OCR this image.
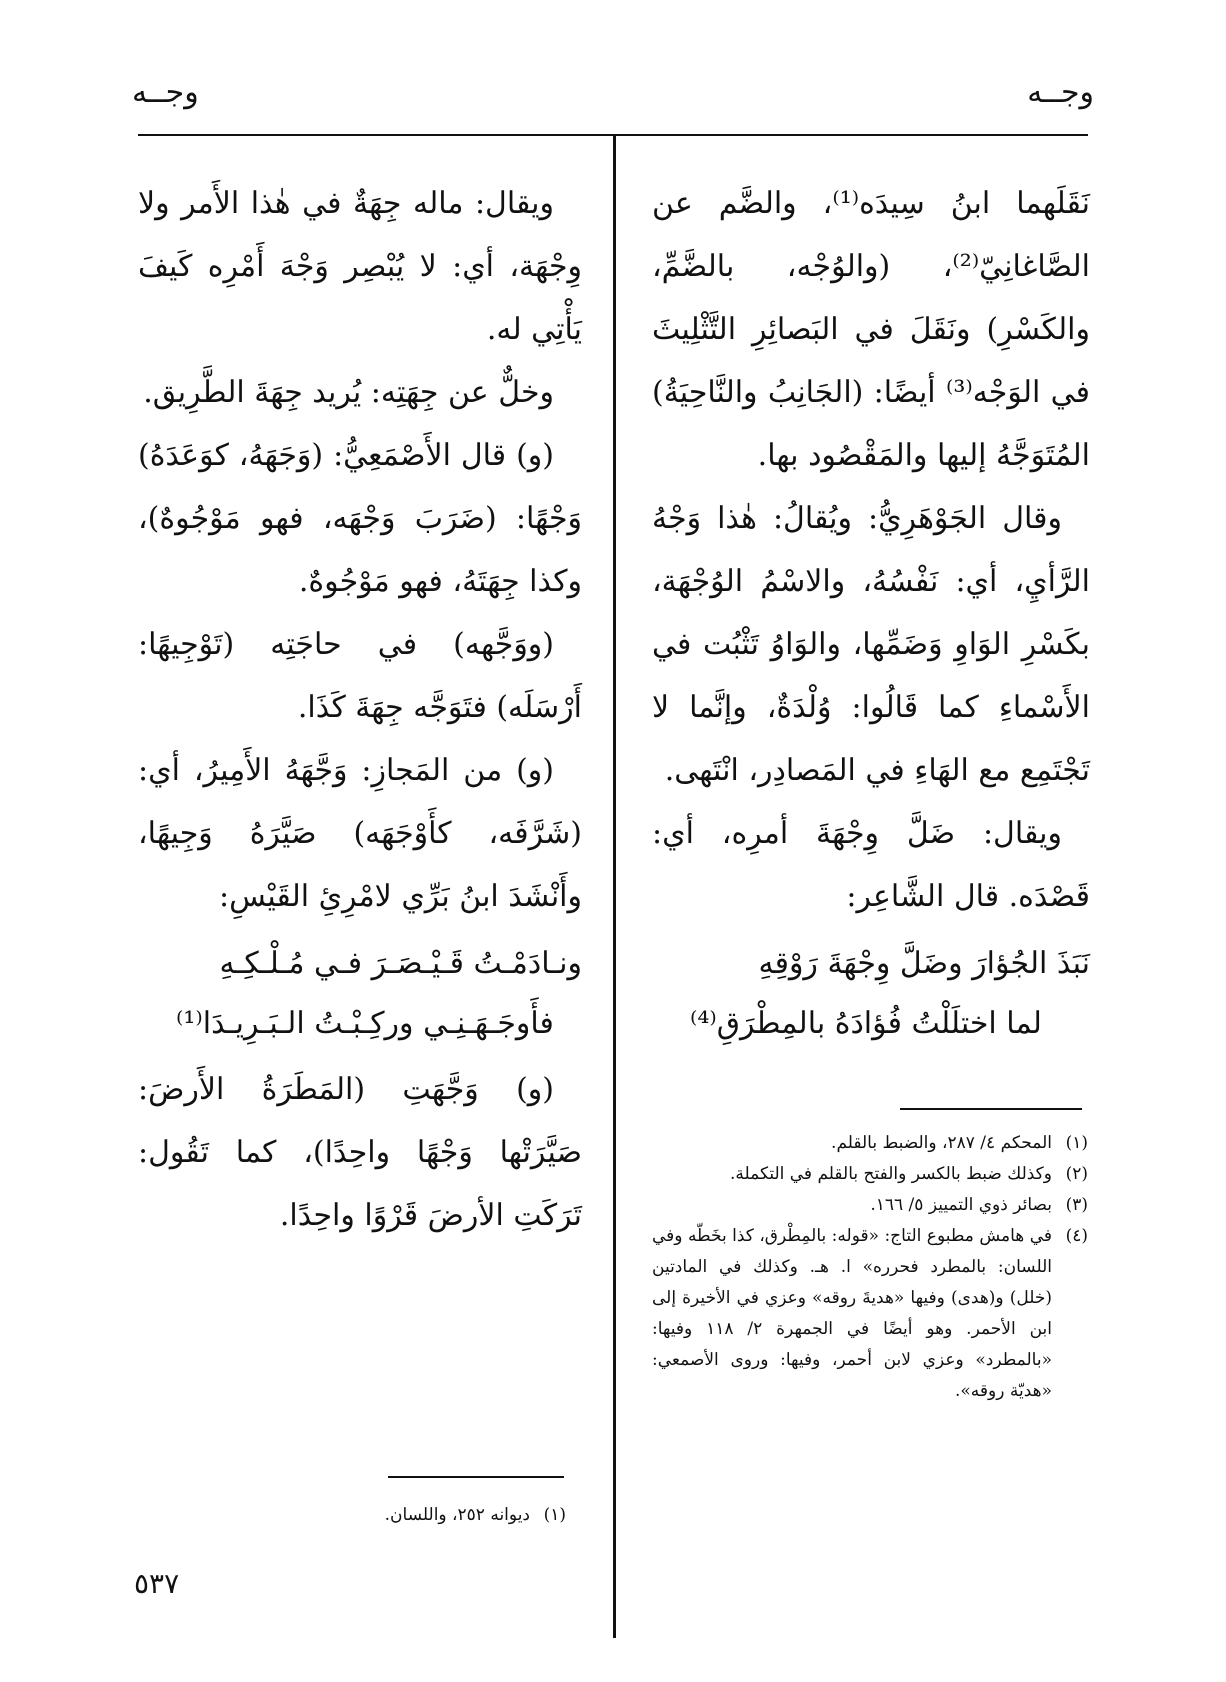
وجــه
وجــه

نَقَلَهما ابنُ سِيدَه⁽¹⁾، والضَّم عن الصَّاغانِيّ⁽²⁾، (والوُجْه، بالضَّمِّ، والكَسْرِ) ونَقَلَ في البَصائِرِ التَّثْلِيثَ في الوَجْه⁽³⁾ أيضًا: (الجَانِبُ والنَّاحِيَةُ) المُتَوَجَّهُ إليها والمَقْصُود بها.

وقال الجَوْهَرِيُّ: ويُقالُ: هٰذا وَجْهُ الرَّأيِ، أي: نَفْسُهُ، والاسْمُ الوُجْهَة، بكَسْرِ الوَاوِ وَضَمِّها، والوَاوُ تَثْبُت في الأَسْماءِ كما قَالُوا: وُلْدَةٌ، وإنَّما لا تَجْتَمِع مع الهَاءِ في المَصادِر، انْتَهى.

ويقال: ضَلَّ وِجْهَةَ أمرِه، أي: قَصْدَه. قال الشَّاعِر:

نَبَذَ الجُؤارَ وضَلَّ وِجْهَةَ رَوْقِهِ
لما اختلَلْتُ فُؤادَهُ بالمِطْرَقِ⁽⁴⁾
(١)
المحكم ٤/ ٢٨٧، والضبط بالقلم.
(٢)
وكذلك ضبط بالكسر والفتح بالقلم في التكملة.
(٣)
بصائر ذوي التمييز ٥/ ١٦٦.
(٤)
في هامش مطبوع التاج: «قوله: بالمِطْرق، كذا بخَطّه وفي اللسان: بالمطرد فحرره» ا. هـ. وكذلك في المادتين (خلل) و(هدى) وفيها «هديةَ روقه» وعزي في الأخيرة إلى ابن الأحمر. وهو أيضًا في الجمهرة ٢/ ١١٨ وفيها: «بالمطرد» وعزي لابن أحمر، وفيها: وروى الأصمعي: «هديّة روقه».

ويقال: ماله جِهَةٌ في هٰذا الأَمر ولا وِجْهَة، أي: لا يُبْصِر وَجْهَ أَمْرِه كَيفَ يَأْتِي له.

وخلٌّ عن جِهَتِه: يُريد جِهَةَ الطَّرِيق.

(و) قال الأَصْمَعِيُّ: (وَجَهَهُ، كوَعَدَهُ) وَجْهًا: (ضَرَبَ وَجْهَه، فهو مَوْجُوهٌ)، وكذا جِهَتَهُ، فهو مَوْجُوهٌ.

(ووَجَّهه) في حاجَتِه (تَوْجِيهًا: أَرْسَلَه) فتَوَجَّه جِهَةَ كَذَا.

(و) من المَجازِ: وَجَّهَهُ الأَمِيرُ، أي: (شَرَّفَه، كأَوْجَهَه) صَيَّرَهُ وَجِيهًا، وأَنْشَدَ ابنُ بَرِّي لامْرِئِ القَيْسِ:

ونـادَمْـتُ قَـيْـصَـرَ فـي مُـلْـكِـهِ
فأَوجَـهَـنِـي وركِـبْـتُ الـبَـرِيـدَا⁽¹⁾

(و) وَجَّهَتِ (المَطَرَةُ الأَرضَ: صَيَّرَتْها وَجْهًا واحِدًا)، كما تَقُول: تَرَكَتِ الأرضَ قَرْوًا واحِدًا.

(١)
ديوانه ٢٥٢، واللسان.
٥٣٧
